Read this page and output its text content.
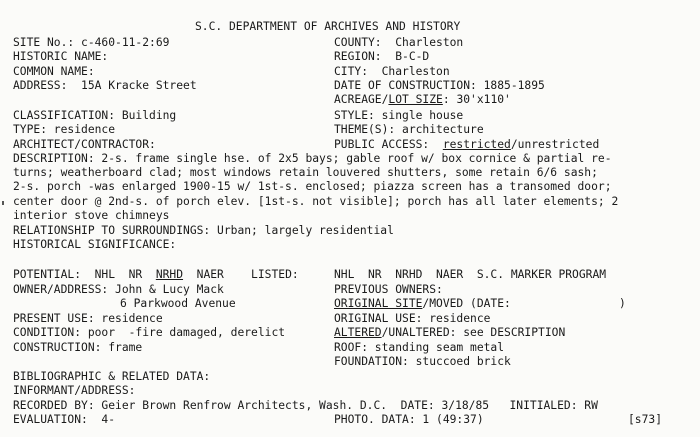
S.C. DEPARTMENT OF ARCHIVES AND HISTORY
SITE No.: c-460-11-2:69
HISTORIC NAME:
COMMON NAME:
ADDRESS:  15A Kracke Street
COUNTY:  Charleston
REGION:  B-C-D
CITY:  Charleston
DATE OF CONSTRUCTION: 1885-1895
ACREAGE/LOT SIZE: 30'x110'
CLASSIFICATION: Building
TYPE: residence
ARCHITECT/CONTRACTOR:
STYLE: single house
THEME(S): architecture
PUBLIC ACCESS:  restricted/unrestricted
DESCRIPTION: 2-s. frame single hse. of 2x5 bays; gable roof w/ box cornice & partial re-
turns; weatherboard clad; most windows retain louvered shutters, some retain 6/6 sash;
2-s. porch -was enlarged 1900-15 w/ 1st-s. enclosed; piazza screen has a transomed door;
center door @ 2nd-s. of porch elev. [1st-s. not visible]; porch has all later elements; 2
interior stove chimneys
RELATIONSHIP TO SURROUNDINGS: Urban; largely residential
HISTORICAL SIGNIFICANCE:
POTENTIAL:  NHL  NR  NRHD  NAER    LISTED:	NHL  NR  NRHD  NAER  S.C. MARKER PROGRAM
OWNER/ADDRESS: John & Lucy Mack
6 Parkwood Avenue
PRESENT USE: residence
CONDITION: poor  -fire damaged, derelict
CONSTRUCTION: frame
PREVIOUS OWNERS:
ORIGINAL SITE/MOVED (DATE:	)
ORIGINAL USE: residence
ALTERED/UNALTERED: see DESCRIPTION
ROOF: standing seam metal
FOUNDATION: stuccoed brick
BIBLIOGRAPHIC & RELATED DATA:
INFORMANT/ADDRESS:
RECORDED BY: Geier Brown Renfrow Architects, Wash. D.C.  DATE: 3/18/85   INITIALED: RW
EVALUATION:  4-	PHOTO. DATA: 1 (49:37)	[s73]
